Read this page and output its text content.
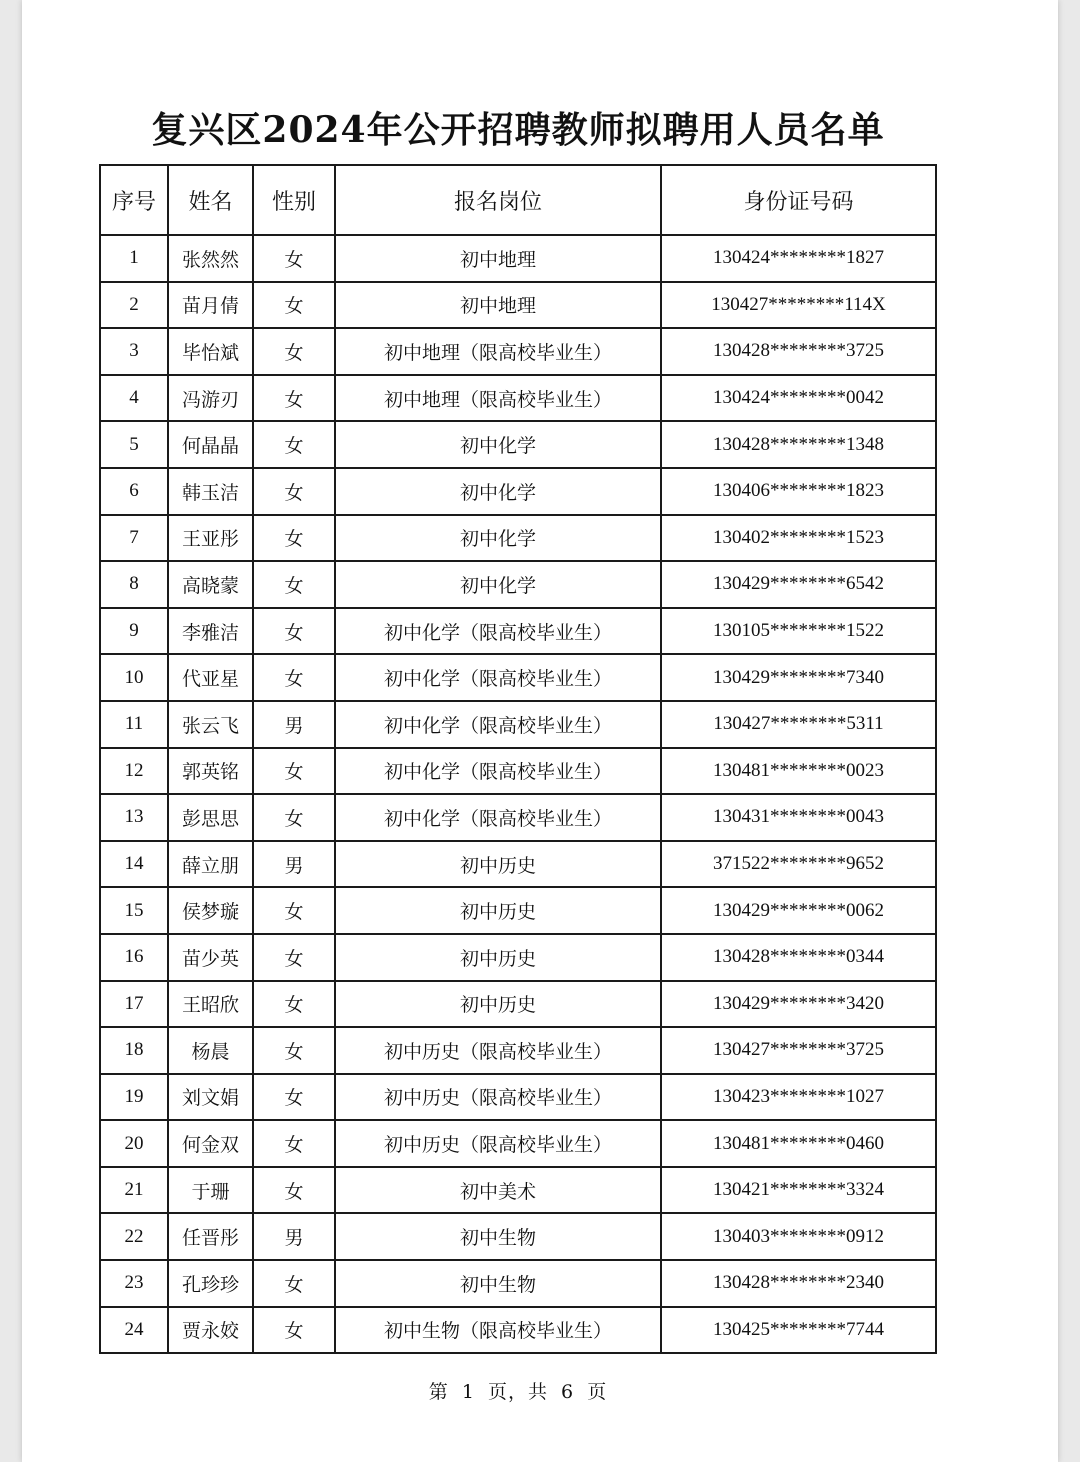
复兴区2024年公开招聘教师拟聘用人员名单
序号	姓名	性别	报名岗位	身份证号码
1	张然然	女	初中地理	130424********1827
2	苗月倩	女	初中地理	130427********114X
3	毕怡斌	女	初中地理（限高校毕业生）	130428********3725
4	冯游刃	女	初中地理（限高校毕业生）	130424********0042
5	何晶晶	女	初中化学	130428********1348
6	韩玉洁	女	初中化学	130406********1823
7	王亚彤	女	初中化学	130402********1523
8	高晓蒙	女	初中化学	130429********6542
9	李雅洁	女	初中化学（限高校毕业生）	130105********1522
10	代亚星	女	初中化学（限高校毕业生）	130429********7340
11	张云飞	男	初中化学（限高校毕业生）	130427********5311
12	郭英铭	女	初中化学（限高校毕业生）	130481********0023
13	彭思思	女	初中化学（限高校毕业生）	130431********0043
14	薛立朋	男	初中历史	371522********9652
15	侯梦璇	女	初中历史	130429********0062
16	苗少英	女	初中历史	130428********0344
17	王昭欣	女	初中历史	130429********3420
18	杨晨	女	初中历史（限高校毕业生）	130427********3725
19	刘文娟	女	初中历史（限高校毕业生）	130423********1027
20	何金双	女	初中历史（限高校毕业生）	130481********0460
21	于珊	女	初中美术	130421********3324
22	任晋彤	男	初中生物	130403********0912
23	孔珍珍	女	初中生物	130428********2340
24	贾永姣	女	初中生物（限高校毕业生）	130425********7744
第 1 页，共 6 页
